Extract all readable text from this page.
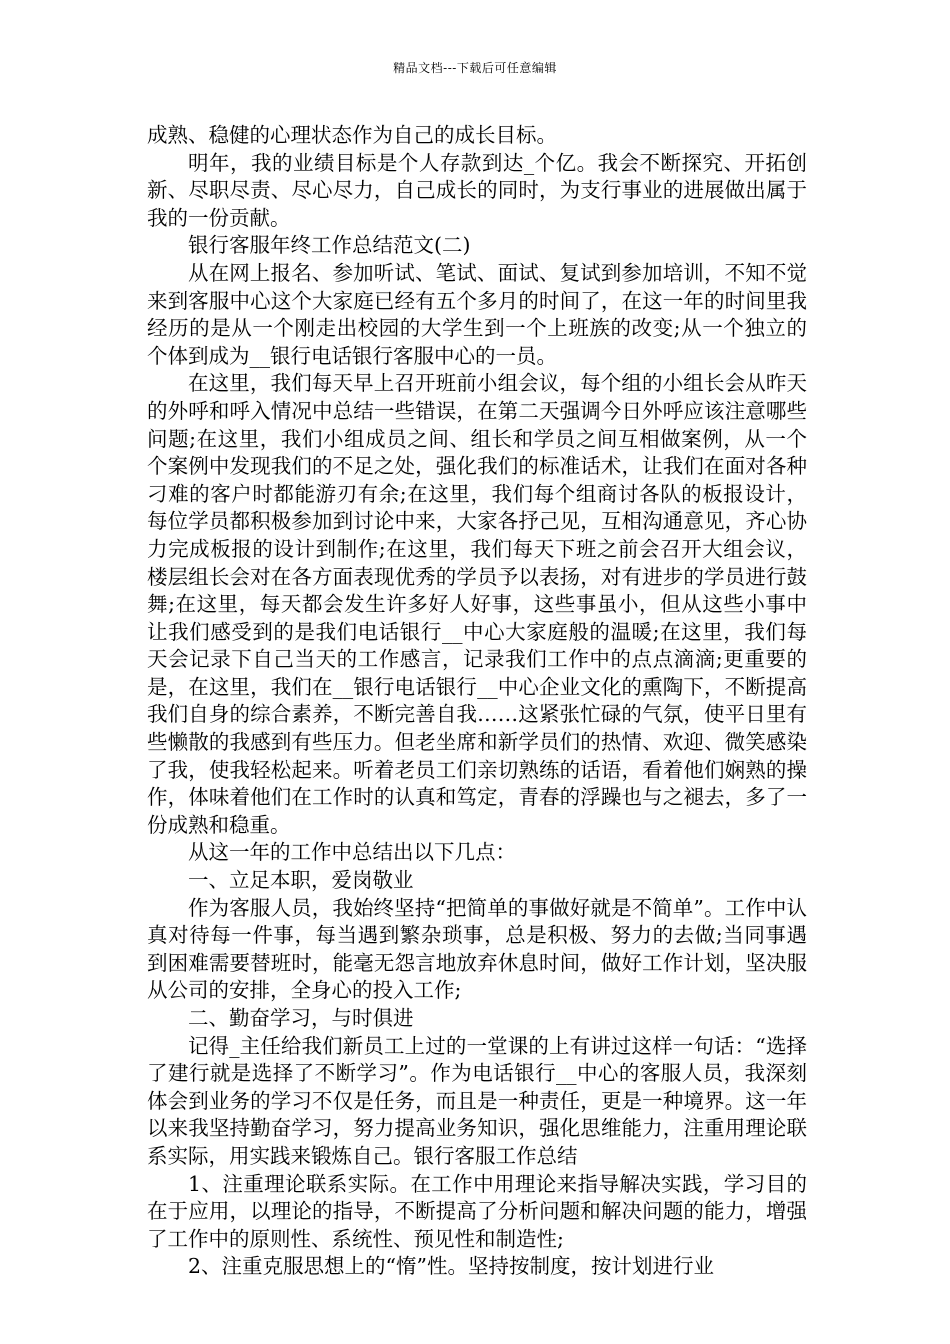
精品文档---下载后可任意编辑

成熟、稳健的心理状态作为自己的成长目标。

明年，我的业绩目标是个人存款到达_个亿。我会不断探究、开拓创新、尽职尽责、尽心尽力，自己成长的同时，为支行事业的进展做出属于我的一份贡献。

银行客服年终工作总结范文(二)

从在网上报名、参加听试、笔试、面试、复试到参加培训，不知不觉来到客服中心这个大家庭已经有五个多月的时间了，在这一年的时间里我经历的是从一个刚走出校园的大学生到一个上班族的改变;从一个独立的个体到成为__银行电话银行客服中心的一员。

在这里，我们每天早上召开班前小组会议，每个组的小组长会从昨天的外呼和呼入情况中总结一些错误，在第二天强调今日外呼应该注意哪些问题;在这里，我们小组成员之间、组长和学员之间互相做案例，从一个个案例中发现我们的不足之处，强化我们的标准话术，让我们在面对各种刁难的客户时都能游刃有余;在这里，我们每个组商讨各队的板报设计，每位学员都积极参加到讨论中来，大家各抒己见，互相沟通意见，齐心协力完成板报的设计到制作;在这里，我们每天下班之前会召开大组会议，楼层组长会对在各方面表现优秀的学员予以表扬，对有进步的学员进行鼓舞;在这里，每天都会发生许多好人好事，这些事虽小，但从这些小事中让我们感受到的是我们电话银行__中心大家庭般的温暖;在这里，我们每天会记录下自己当天的工作感言，记录我们工作中的点点滴滴;更重要的是，在这里，我们在__银行电话银行__中心企业文化的熏陶下，不断提高我们自身的综合素养，不断完善自我……这紧张忙碌的气氛，使平日里有些懒散的我感到有些压力。但老坐席和新学员们的热情、欢迎、微笑感染了我，使我轻松起来。听着老员工们亲切熟练的话语，看着他们娴熟的操作，体味着他们在工作时的认真和笃定，青春的浮躁也与之褪去，多了一份成熟和稳重。

从这一年的工作中总结出以下几点：

一、立足本职，爱岗敬业

作为客服人员，我始终坚持“把简单的事做好就是不简单”。工作中认真对待每一件事，每当遇到繁杂琐事，总是积极、努力的去做;当同事遇到困难需要替班时，能毫无怨言地放弃休息时间，做好工作计划，坚决服从公司的安排，全身心的投入工作;

二、勤奋学习，与时俱进

记得_主任给我们新员工上过的一堂课的上有讲过这样一句话：“选择了建行就是选择了不断学习”。作为电话银行__中心的客服人员，我深刻体会到业务的学习不仅是任务，而且是一种责任，更是一种境界。这一年以来我坚持勤奋学习，努力提高业务知识，强化思维能力，注重用理论联系实际，用实践来锻炼自己。银行客服工作总结

1、注重理论联系实际。在工作中用理论来指导解决实践，学习目的在于应用，以理论的指导，不断提高了分析问题和解决问题的能力，增强了工作中的原则性、系统性、预见性和制造性;

2、注重克服思想上的“惰”性。坚持按制度，按计划进行业
